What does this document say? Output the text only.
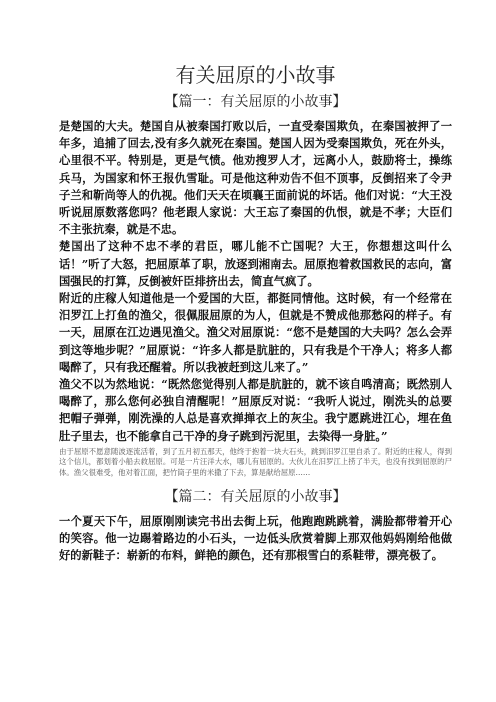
有关屈原的小故事
【篇一：有关屈原的小故事】

是楚国的大夫。楚国自从被秦国打败以后，一直受秦国欺负，在秦国被押了一年多，追捕了回去,没有多久就死在秦国。楚国人因为受秦国欺负，死在外头，心里很不平。特别是，更是气愤。他劝搜罗人才，远离小人，鼓励将士，操练兵马，为国家和怀王报仇雪耻。可是他这种劝告不但不顶事，反倒招来了令尹子兰和靳尚等人的仇视。他们天天在顷襄王面前说的坏话。他们对说：“大王没听说屈原数落您吗？他老跟人家说：大王忘了秦国的仇恨，就是不孝；大臣们不主张抗秦，就是不忠。

楚国出了这种不忠不孝的君臣，哪儿能不亡国呢？大王，你想想这叫什么话！”听了大怒，把屈原革了职，放逐到湘南去。屈原抱着救国救民的志向，富国强民的打算，反倒被奸臣排挤出去，简直气疯了。

附近的庄稼人知道他是一个爱国的大臣，都挺同情他。这时候，有一个经常在汨罗江上打鱼的渔父，很佩服屈原的为人，但就是不赞成他那愁闷的样子。有一天，屈原在江边遇见渔父。渔父对屈原说：“您不是楚国的大夫吗？怎么会弄到这等地步呢？”屈原说：“许多人都是肮脏的，只有我是个干净人；将多人都喝醉了，只有我还醒着。所以我被赶到这儿来了。”

渔父不以为然地说：“既然您觉得别人都是肮脏的，就不该自鸣清高；既然别人喝醉了，那么您何必独自清醒呢！”屈原反对说：“我听人说过，刚洗头的总要把帽子弹弹，刚洗澡的人总是喜欢掸掸衣上的灰尘。我宁愿跳进江心，埋在鱼肚子里去，也不能拿自己干净的身子跳到污泥里，去染得一身脏。”

由于屈原不愿意随波逐流活着，到了五月初五那天，他终于抱着一块大石头，跳到汨罗江里自杀了。附近的庄稼人，得到这个信儿，都划着小船去救屈原。可是一片汪洋大水，哪儿有屈原的。大伙儿在汨罗江上捞了半天，也没有找到屈原的尸体。渔父很难受，他对着江面，把竹筒子里的米撒了下去，算是献给屈原……

【篇二：有关屈原的小故事】

一个夏天下午，屈原刚刚读完书出去街上玩，他跑跑跳跳着，满脸都带着开心的笑容。他一边踢着路边的小石头，一边低头欣赏着脚上那双他妈妈刚给他做好的新鞋子：崭新的布料，鲜艳的颜色，还有那根雪白的系鞋带，漂亮极了。
